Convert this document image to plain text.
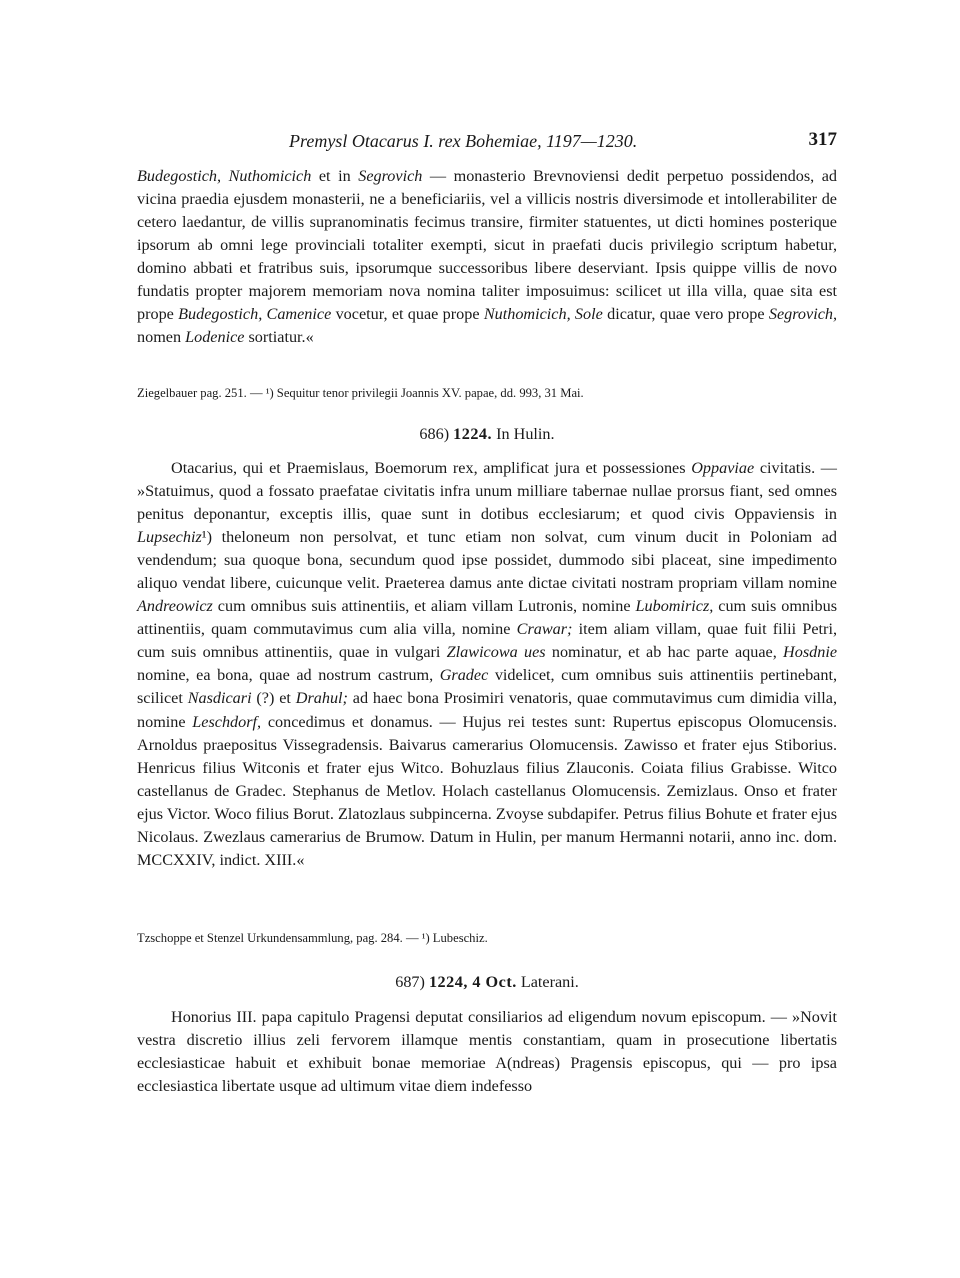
Premysl Otacarus I. rex Bohemiae, 1197—1230.	317

Budegostich, Nuthomicich et in Segrovich — monasterio Brevnoviensi dedit perpetuo possidendos, ad vicina praedia ejusdem monasterii, ne a beneficiariis, vel a villicis nostris diversimode et intollerabiliter de cetero laedantur, de villis supranominatis fecimus transire, firmiter statuentes, ut dicti homines posterique ipsorum ab omni lege provinciali totaliter exempti, sicut in praefati ducis privilegio scriptum habetur, domino abbati et fratribus suis, ipsorumque successoribus libere deserviant. Ipsis quippe villis de novo fundatis propter majorem memoriam nova nomina taliter imposuimus: scilicet ut illa villa, quae sita est prope Budegostich, Camenice vocetur, et quae prope Nuthomicich, Sole dicatur, quae vero prope Segrovich, nomen Lodenice sortiatur.«

Ziegelbauer pag. 251. — ¹) Sequitur tenor privilegii Joannis XV. papae, dd. 993, 31 Mai.

686) 1224. In Hulin.

Otacarius, qui et Praemislaus, Boemorum rex, amplificat jura et possessiones Oppaviae civitatis. — »Statuimus, quod a fossato praefatae civitatis infra unum milliare tabernae nullae prorsus fiant, sed omnes penitus deponantur, exceptis illis, quae sunt in dotibus ecclesiarum; et quod civis Oppaviensis in Lupsechiz¹) theloneum non persolvat, et tunc etiam non solvat, cum vinum ducit in Poloniam ad vendendum; sua quoque bona, secundum quod ipse possidet, dummodo sibi placeat, sine impedimento aliquo vendat libere, cuicunque velit. Praeterea damus ante dictae civitati nostram propriam villam nomine Andreowicz cum omnibus suis attinentiis, et aliam villam Lutronis, nomine Lubomiricz, cum suis omnibus attinentiis, quam commutavimus cum alia villa, nomine Crawar; item aliam villam, quae fuit filii Petri, cum suis omnibus attinentiis, quae in vulgari Zlawicowa ues nominatur, et ab hac parte aquae, Hosdnie nomine, ea bona, quae ad nostrum castrum, Gradec videlicet, cum omnibus suis attinentiis pertinebant, scilicet Nasdicari (?) et Drahul; ad haec bona Prosimiri venatoris, quae commutavimus cum dimidia villa, nomine Leschdorf, concedimus et donamus. — Hujus rei testes sunt: Rupertus episcopus Olomucensis. Arnoldus praepositus Vissegradensis. Baivarus camerarius Olomucensis. Zawisso et frater ejus Stiborius. Henricus filius Witconis et frater ejus Witco. Bohuzlaus filius Zlauconis. Coiata filius Grabisse. Witco castellanus de Gradec. Stephanus de Metlov. Holach castellanus Olomucensis. Zemizlaus. Onso et frater ejus Victor. Woco filius Borut. Zlatozlaus subpincerna. Zvoyse subdapifer. Petrus filius Bohute et frater ejus Nicolaus. Zwezlaus camerarius de Brumow. Datum in Hulin, per manum Hermanni notarii, anno inc. dom. MCCXXIV, indict. XIII.«

Tzschoppe et Stenzel Urkundensammlung, pag. 284. — ¹) Lubeschiz.

687) 1224, 4 Oct. Laterani.

Honorius III. papa capitulo Pragensi deputat consiliarios ad eligendum novum episcopum. — »Novit vestra discretio illius zeli fervorem illamque mentis constantiam, quam in prosecutione libertatis ecclesiasticae habuit et exhibuit bonae memoriae A(ndreas) Pragensis episcopus, qui — pro ipsa ecclesiastica libertate usque ad ultimum vitae diem indefesso
